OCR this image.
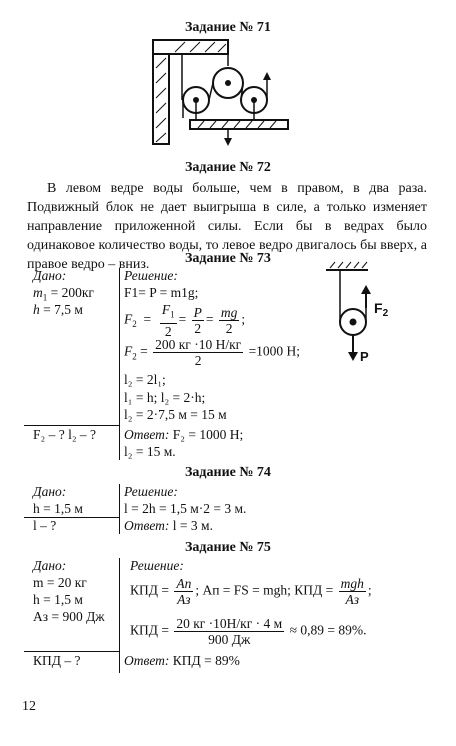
Задание № 71
Задание № 72
В левом ведре воды больше, чем в правом, в два раза. Подвижный блок не дает выигрыша в силе, а только изменяет направление приложенной силы. Если бы в ведрах было одинаковое количество воды, то левое ведро двигалось бы вверх, а правое ведро – вниз.	Задание № 73
Дано:
$m_1 = 200кг$
h = 7,5 м
F₂ – ? l₂ – ?
Решение:
F1= P = m1g;
$F_2 = \frac{F_1}{2} = \frac{P}{2} = \frac{mg}{2}$ ;
$F_2 = \frac{200 кг \cdot 10 Н/кг}{2} =1000$ Н;
l₂ = 2l₁;
l₁ = h; l₂ = 2·h;
l₂ = 2·7,5 м = 15 м
Ответ: F₂ = 1000 Н;
l₂ = 15 м.
$F_2$
P
Задание № 74
Дано:
h = 1,5 м
l – ?
Решение:
l = 2h = 1,5 м·2 = 3 м.
Ответ: l = 3 м.
Задание № 75
Дано:
m = 20 кг
h = 1,5 м
Aз = 900 Дж
КПД – ?
Решение:
КПД = $\frac{Aп}{Aз}$ ; Aп = FS = mgh; КПД = $\frac{\text{mgh}}{Aз}$ ;
КПД = $\frac{20 кг \cdot 10Н/кг \cdot 4 м}{900 Дж} \approx 0,89 = 89\%$.
Ответ: КПД = 89%
12
